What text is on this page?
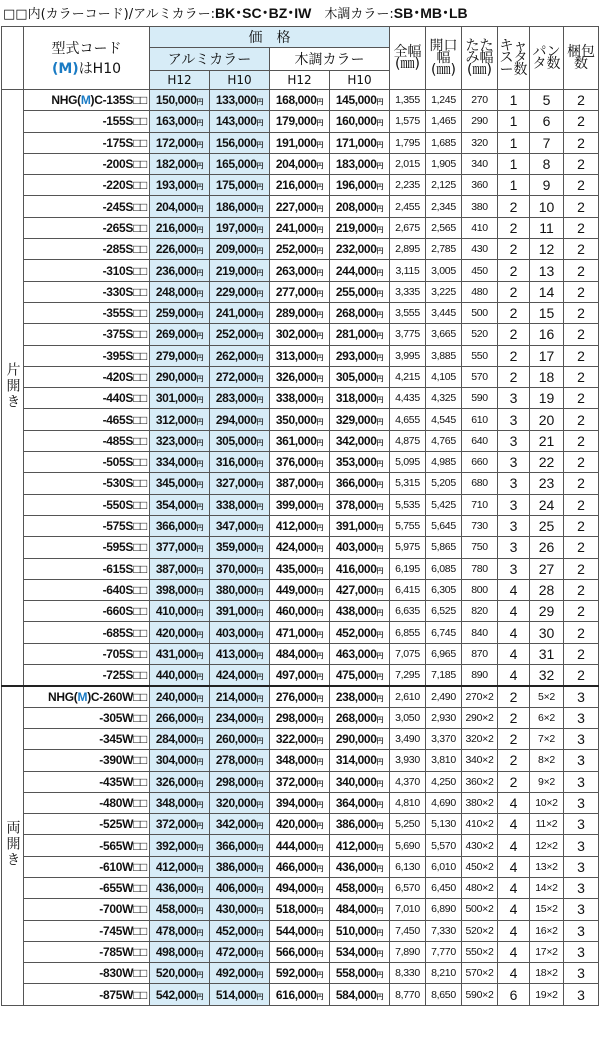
□□内(カラーコード)/アルミカラー:BK･SC･BZ･IW　木調カラー:SB･MB･LB

	型式コード
(M)はH10	価　格				全幅(㎜)	開口幅(㎜)	たたみ幅(㎜)	キャスター数	パンタ数	梱包数
		アルミカラー		木調カラー							
		H12	H10	H12	H10						
片開き	NHG(M)C-135S□□	150,000円	133,000円	168,000円	145,000円	1,355	1,245	270	1	5	2
	-155S□□	163,000円	143,000円	179,000円	160,000円	1,575	1,465	290	1	6	2
	-175S□□	172,000円	156,000円	191,000円	171,000円	1,795	1,685	320	1	7	2
	-200S□□	182,000円	165,000円	204,000円	183,000円	2,015	1,905	340	1	8	2
	-220S□□	193,000円	175,000円	216,000円	196,000円	2,235	2,125	360	1	9	2
	-245S□□	204,000円	186,000円	227,000円	208,000円	2,455	2,345	380	2	10	2
	-265S□□	216,000円	197,000円	241,000円	219,000円	2,675	2,565	410	2	11	2
	-285S□□	226,000円	209,000円	252,000円	232,000円	2,895	2,785	430	2	12	2
	-310S□□	236,000円	219,000円	263,000円	244,000円	3,115	3,005	450	2	13	2
	-330S□□	248,000円	229,000円	277,000円	255,000円	3,335	3,225	480	2	14	2
	-355S□□	259,000円	241,000円	289,000円	268,000円	3,555	3,445	500	2	15	2
	-375S□□	269,000円	252,000円	302,000円	281,000円	3,775	3,665	520	2	16	2
	-395S□□	279,000円	262,000円	313,000円	293,000円	3,995	3,885	550	2	17	2
	-420S□□	290,000円	272,000円	326,000円	305,000円	4,215	4,105	570	2	18	2
	-440S□□	301,000円	283,000円	338,000円	318,000円	4,435	4,325	590	3	19	2
	-465S□□	312,000円	294,000円	350,000円	329,000円	4,655	4,545	610	3	20	2
	-485S□□	323,000円	305,000円	361,000円	342,000円	4,875	4,765	640	3	21	2
	-505S□□	334,000円	316,000円	376,000円	353,000円	5,095	4,985	660	3	22	2
	-530S□□	345,000円	327,000円	387,000円	366,000円	5,315	5,205	680	3	23	2
	-550S□□	354,000円	338,000円	399,000円	378,000円	5,535	5,425	710	3	24	2
	-575S□□	366,000円	347,000円	412,000円	391,000円	5,755	5,645	730	3	25	2
	-595S□□	377,000円	359,000円	424,000円	403,000円	5,975	5,865	750	3	26	2
	-615S□□	387,000円	370,000円	435,000円	416,000円	6,195	6,085	780	3	27	2
	-640S□□	398,000円	380,000円	449,000円	427,000円	6,415	6,305	800	4	28	2
	-660S□□	410,000円	391,000円	460,000円	438,000円	6,635	6,525	820	4	29	2
	-685S□□	420,000円	403,000円	471,000円	452,000円	6,855	6,745	840	4	30	2
	-705S□□	431,000円	413,000円	484,000円	463,000円	7,075	6,965	870	4	31	2
	-725S□□	440,000円	424,000円	497,000円	475,000円	7,295	7,185	890	4	32	2
両開き	NHG(M)C-260W□□	240,000円	214,000円	276,000円	238,000円	2,610	2,490	270×2	2	5×2	3
	-305W□□	266,000円	234,000円	298,000円	268,000円	3,050	2,930	290×2	2	6×2	3
	-345W□□	284,000円	260,000円	322,000円	290,000円	3,490	3,370	320×2	2	7×2	3
	-390W□□	304,000円	278,000円	348,000円	314,000円	3,930	3,810	340×2	2	8×2	3
	-435W□□	326,000円	298,000円	372,000円	340,000円	4,370	4,250	360×2	2	9×2	3
	-480W□□	348,000円	320,000円	394,000円	364,000円	4,810	4,690	380×2	4	10×2	3
	-525W□□	372,000円	342,000円	420,000円	386,000円	5,250	5,130	410×2	4	11×2	3
	-565W□□	392,000円	366,000円	444,000円	412,000円	5,690	5,570	430×2	4	12×2	3
	-610W□□	412,000円	386,000円	466,000円	436,000円	6,130	6,010	450×2	4	13×2	3
	-655W□□	436,000円	406,000円	494,000円	458,000円	6,570	6,450	480×2	4	14×2	3
	-700W□□	458,000円	430,000円	518,000円	484,000円	7,010	6,890	500×2	4	15×2	3
	-745W□□	478,000円	452,000円	544,000円	510,000円	7,450	7,330	520×2	4	16×2	3
	-785W□□	498,000円	472,000円	566,000円	534,000円	7,890	7,770	550×2	4	17×2	3
	-830W□□	520,000円	492,000円	592,000円	558,000円	8,330	8,210	570×2	4	18×2	3
	-875W□□	542,000円	514,000円	616,000円	584,000円	8,770	8,650	590×2	6	19×2	3
